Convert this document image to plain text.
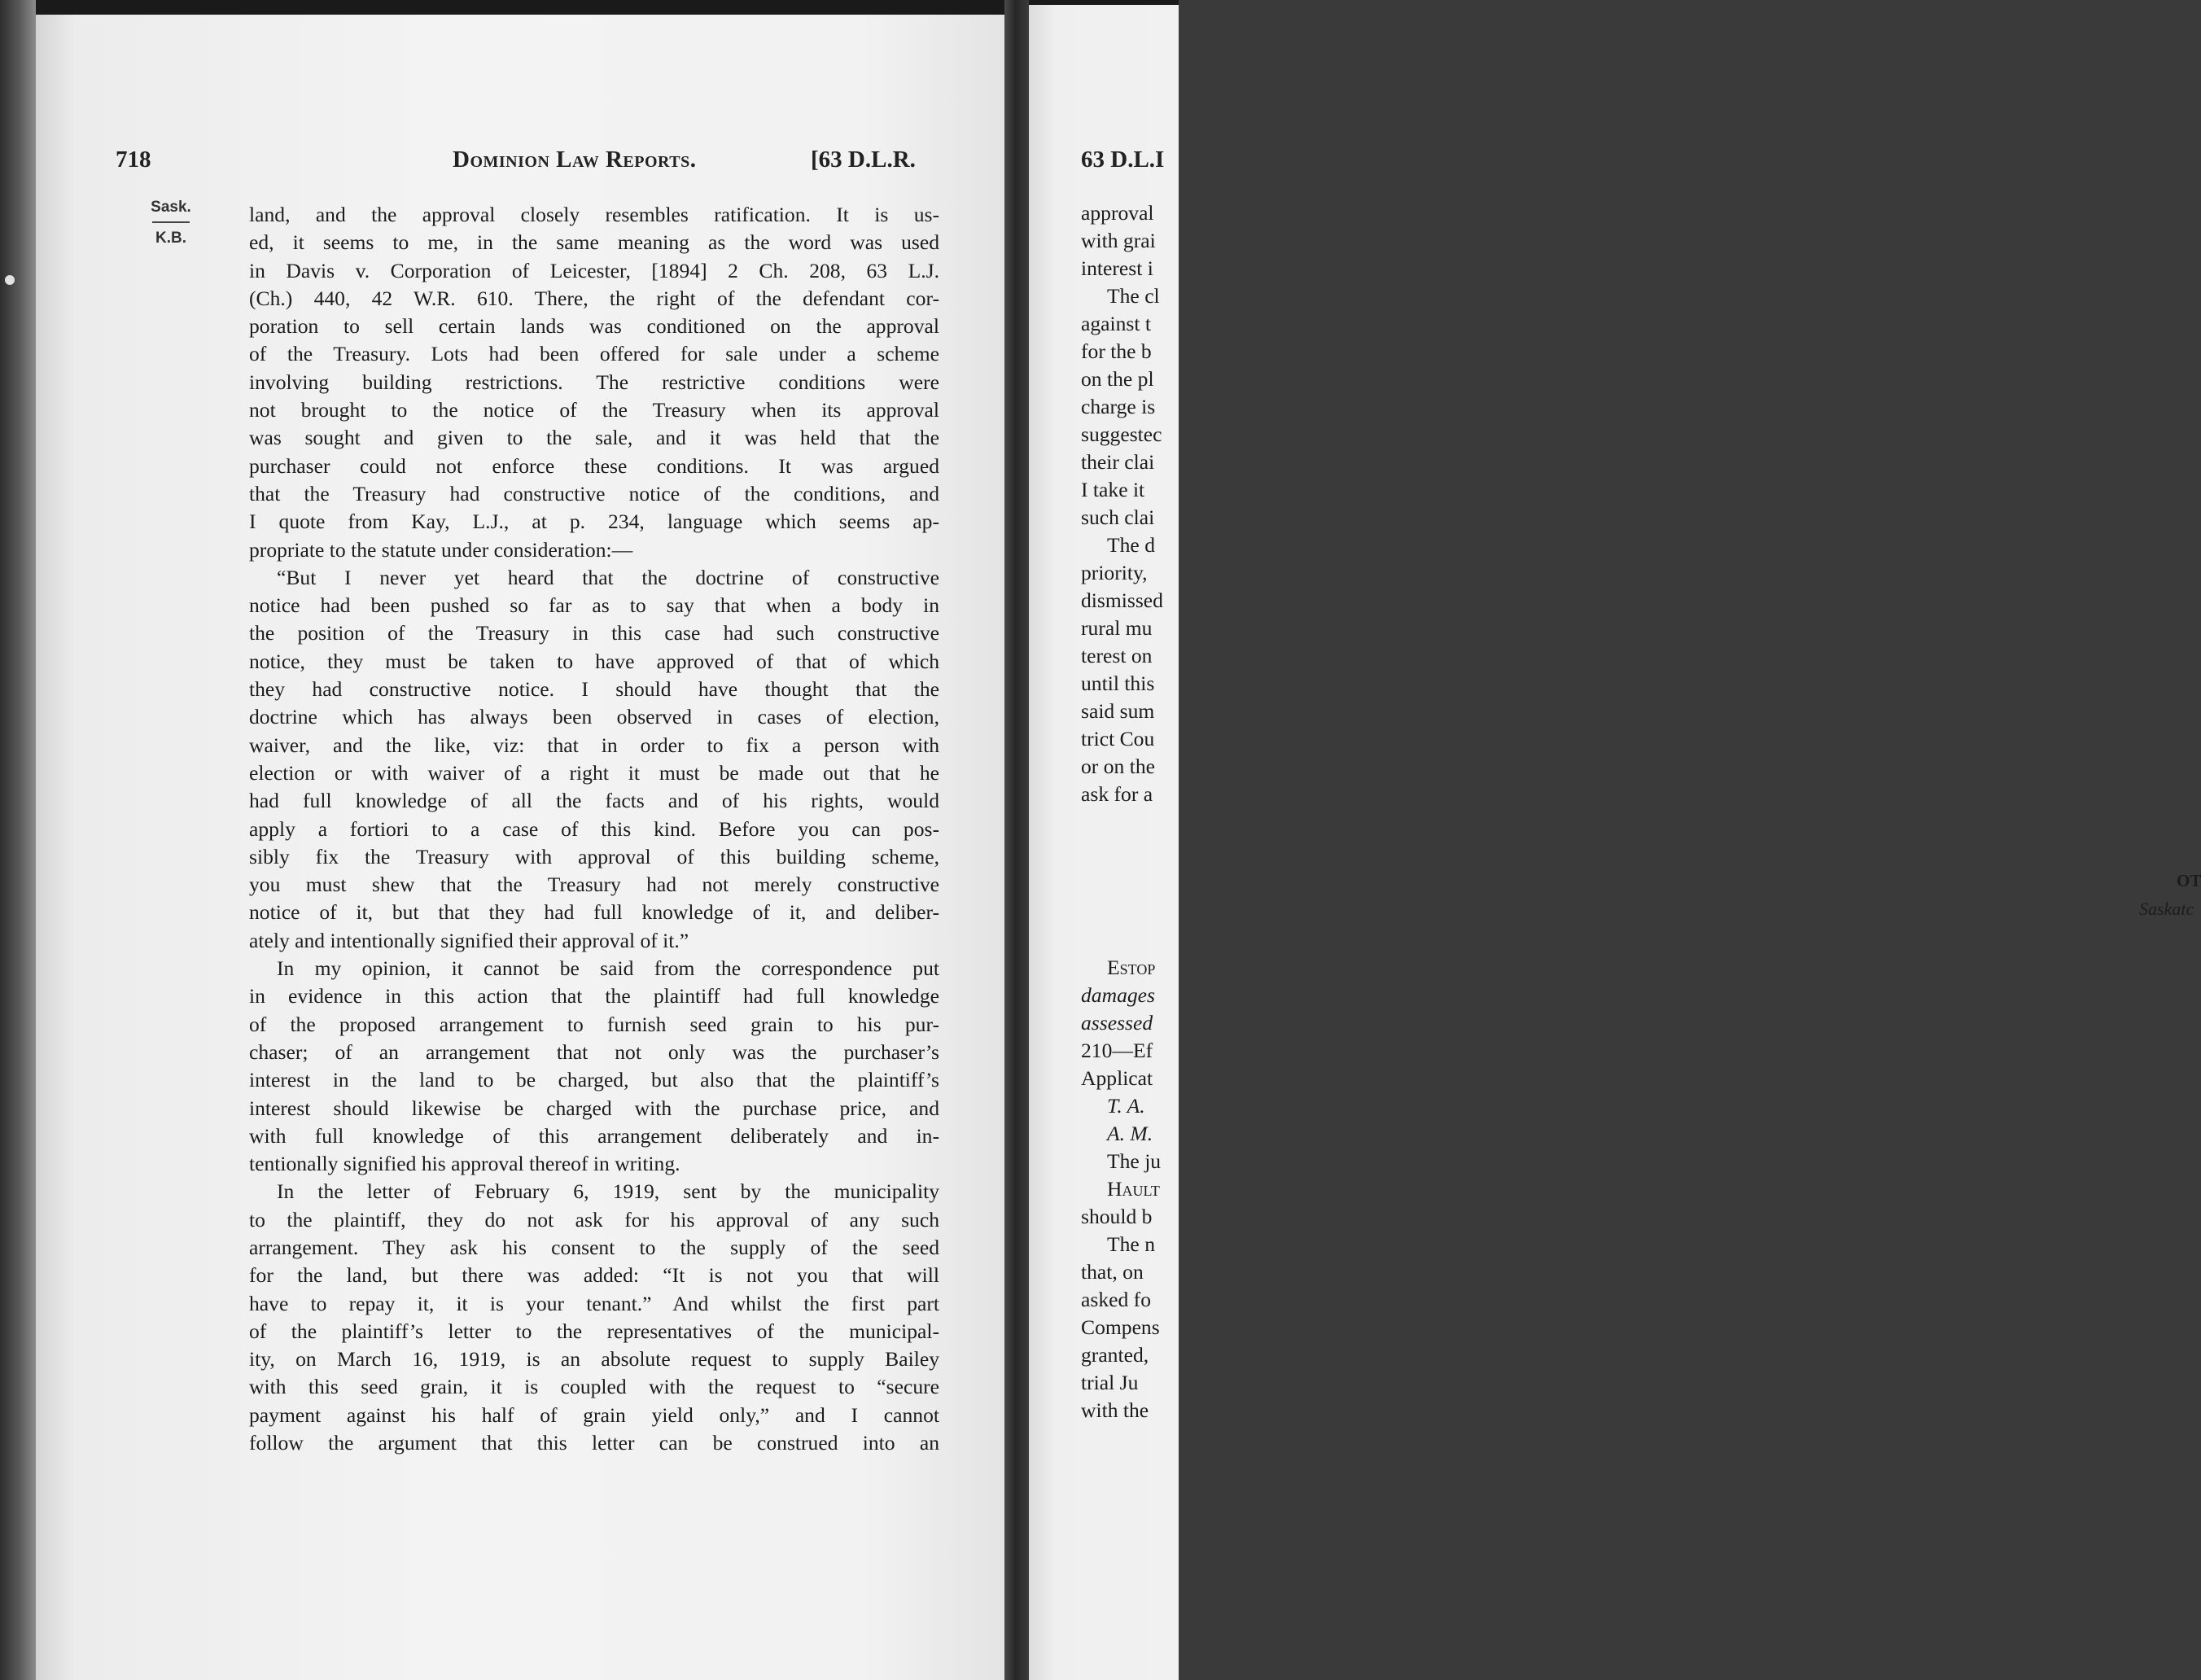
718	Dominion Law Reports.	[63 D.L.R.
Sask.
K.B.
land, and the approval closely resembles ratification. It is us-
ed, it seems to me, in the same meaning as the word was used
in Davis v. Corporation of Leicester, [1894] 2 Ch. 208, 63 L.J.
(Ch.) 440, 42 W.R. 610. There, the right of the defendant cor-
poration to sell certain lands was conditioned on the approval
of the Treasury. Lots had been offered for sale under a scheme
involving building restrictions. The restrictive conditions were
not brought to the notice of the Treasury when its approval
was sought and given to the sale, and it was held that the
purchaser could not enforce these conditions. It was argued
that the Treasury had constructive notice of the conditions, and
I quote from Kay, L.J., at p. 234, language which seems ap-
propriate to the statute under consideration:—
“But I never yet heard that the doctrine of constructive
notice had been pushed so far as to say that when a body in
the position of the Treasury in this case had such constructive
notice, they must be taken to have approved of that of which
they had constructive notice. I should have thought that the
doctrine which has always been observed in cases of election,
waiver, and the like, viz: that in order to fix a person with
election or with waiver of a right it must be made out that he
had full knowledge of all the facts and of his rights, would
apply a fortiori to a case of this kind. Before you can pos-
sibly fix the Treasury with approval of this building scheme,
you must shew that the Treasury had not merely constructive
notice of it, but that they had full knowledge of it, and deliber-
ately and intentionally signified their approval of it.”
In my opinion, it cannot be said from the correspondence put
in evidence in this action that the plaintiff had full knowledge
of the proposed arrangement to furnish seed grain to his pur-
chaser; of an arrangement that not only was the purchaser’s
interest in the land to be charged, but also that the plaintiff’s
interest should likewise be charged with the purchase price, and
with full knowledge of this arrangement deliberately and in-
tentionally signified his approval thereof in writing.
In the letter of February 6, 1919, sent by the municipality
to the plaintiff, they do not ask for his approval of any such
arrangement. They ask his consent to the supply of the seed
for the land, but there was added: “It is not you that will
have to repay it, it is your tenant.” And whilst the first part
of the plaintiff’s letter to the representatives of the municipal-
ity, on March 16, 1919, is an absolute request to supply Bailey
with this seed grain, it is coupled with the request to “secure
payment against his half of grain yield only,” and I cannot
follow the argument that this letter can be construed into an
63 D.L.I
approval
with grai
interest i
The cl
against t
for the b
on the pl
charge is
suggestec
their clai
I take it
such clai
The d
priority,
dismissed
rural mu
terest on
until this
said sum
trict Cou
or on the
ask for a
OT
Saskatc
Estop
damages
assessed
210—Ef
Applicat
T. A.
A. M.
The ju
Hault
should b
The n
that, on
asked fo
Compens
granted,
trial Ju
with the
